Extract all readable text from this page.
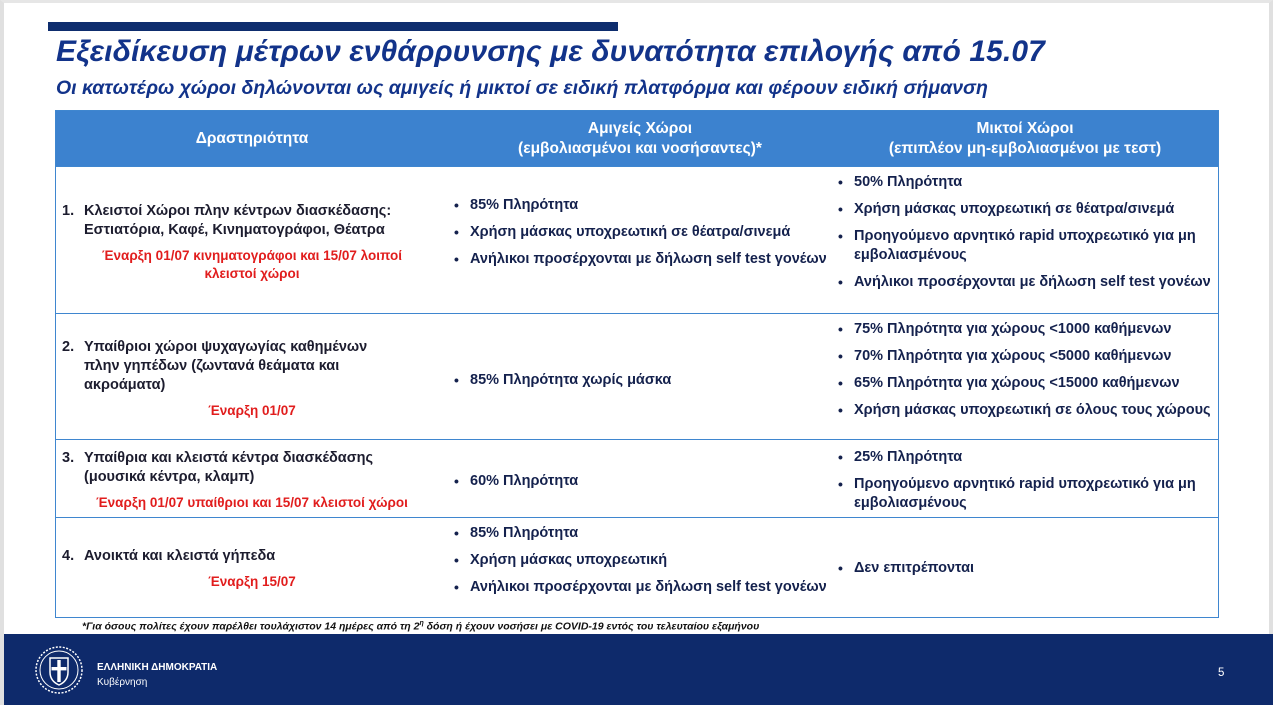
Εξειδίκευση μέτρων ενθάρρυνσης με δυνατότητα επιλογής από 15.07
Οι κατωτέρω χώροι δηλώνονται ως αμιγείς ή μικτοί σε ειδική πλατφόρμα και φέρουν ειδική σήμανση
Δραστηριότητα
Αμιγείς Χώροι
(εμβολιασμένοι και νοσήσαντες)*
Μικτοί Χώροι
(επιπλέον μη-εμβολιασμένοι με τεστ)
1. Κλειστοί Χώροι πλην κέντρων διασκέδασης:
Εστιατόρια, Καφέ, Κινηματογράφοι, Θέατρα
Έναρξη 01/07 κινηματογράφοι και 15/07 λοιποί
κλειστοί χώροι
• 85% Πληρότητα
• Χρήση μάσκας υποχρεωτική σε θέατρα/σινεμά
• Ανήλικοι προσέρχονται με δήλωση self test γονέων
• 50% Πληρότητα
• Χρήση μάσκας υποχρεωτική σε θέατρα/σινεμά
• Προηγούμενο αρνητικό rapid υποχρεωτικό για μη εμβολιασμένους
• Ανήλικοι προσέρχονται με δήλωση self test γονέων
2. Υπαίθριοι χώροι ψυχαγωγίας καθημένων
πλην γηπέδων (ζωντανά θεάματα και
ακροάματα)
Έναρξη 01/07
• 85% Πληρότητα χωρίς μάσκα
• 75% Πληρότητα για χώρους <1000 καθήμενων
• 70% Πληρότητα για χώρους <5000 καθήμενων
• 65% Πληρότητα για χώρους <15000 καθήμενων
• Χρήση μάσκας υποχρεωτική σε όλους τους χώρους
3. Υπαίθρια και κλειστά κέντρα διασκέδασης
(μουσικά κέντρα, κλαμπ)
Έναρξη 01/07 υπαίθριοι και 15/07 κλειστοί χώροι
• 60% Πληρότητα
• 25% Πληρότητα
• Προηγούμενο αρνητικό rapid υποχρεωτικό για μη εμβολιασμένους
4. Ανοικτά και κλειστά γήπεδα
Έναρξη 15/07
• 85% Πληρότητα
• Χρήση μάσκας υποχρεωτική
• Ανήλικοι προσέρχονται με δήλωση self test γονέων
• Δεν επιτρέπονται
*Για όσους πολίτες έχουν παρέλθει τουλάχιστον 14 ημέρες από τη $2^\eta$ δόση ή έχουν νοσήσει με COVID-19 εντός του τελευταίου εξαμήνου
ΕΛΛΗΝΙΚΗ ΔΗΜΟΚΡΑΤΙΑ
Κυβέρνηση
5
